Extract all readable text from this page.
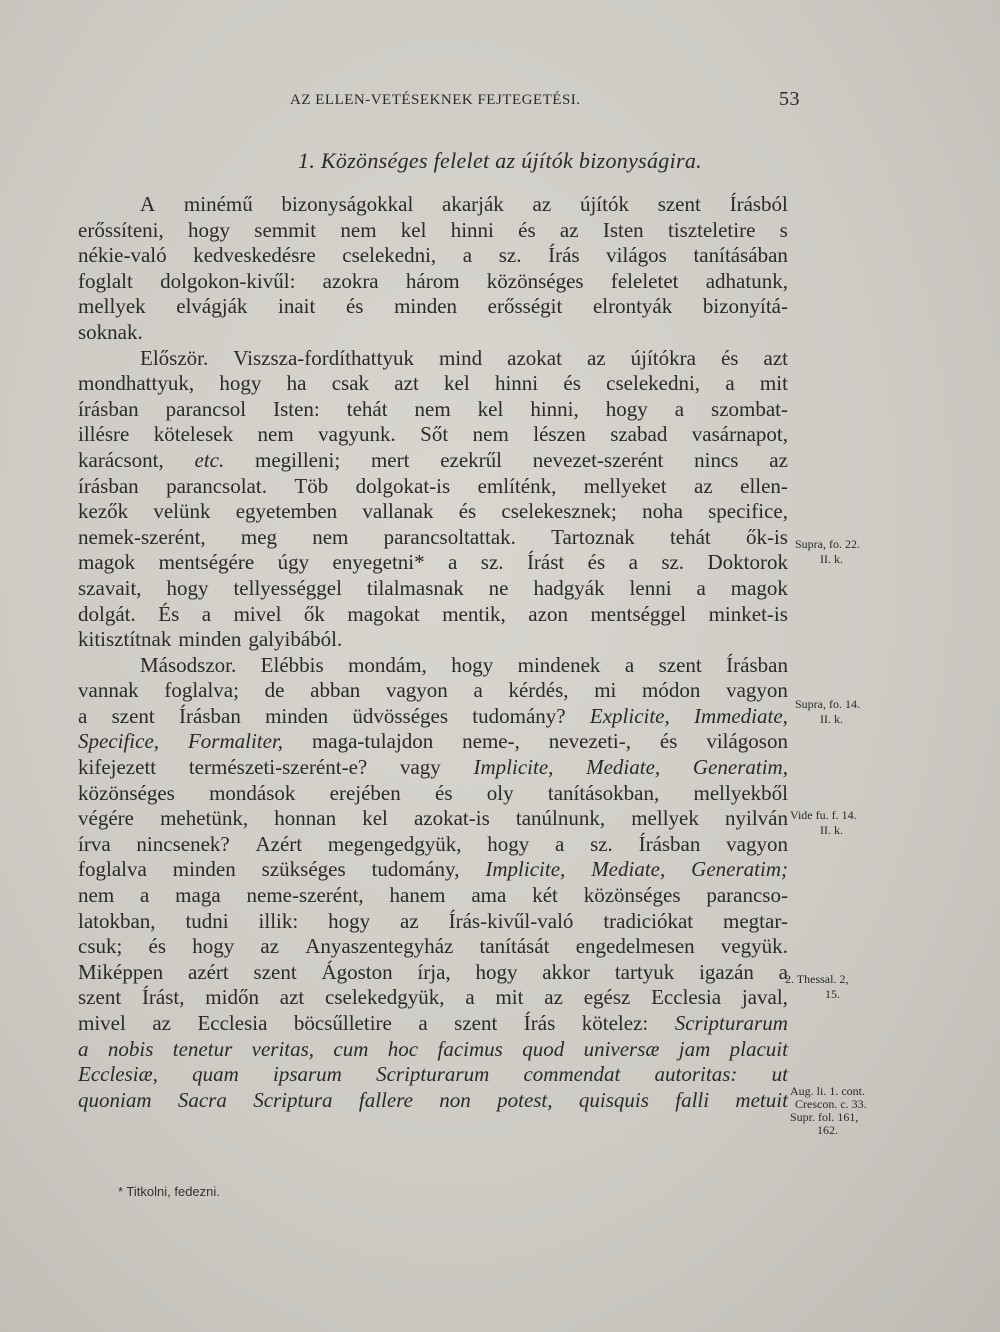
AZ ELLEN-VETÉSEKNEK FEJTEGETÉSI.	53
1. Közönséges felelet az újítók bizonyságira.
A minémű bizonyságokkal akarják az újítók szent Írásból
erőssíteni, hogy semmit nem kel hinni és az Isten tiszteletire s
nékie-való kedveskedésre cselekedni, a sz. Írás világos tanításában
foglalt dolgokon-kivűl: azokra három közönséges feleletet adhatunk,
mellyek elvágják inait és minden erősségit elrontyák bizonyítá-
soknak.
Először. Viszsza-fordíthattyuk mind azokat az újítókra és azt
mondhattyuk, hogy ha csak azt kel hinni és cselekedni, a mit
írásban parancsol Isten: tehát nem kel hinni, hogy a szombat-
illésre kötelesek nem vagyunk. Sőt nem lészen szabad vasárnapot,
karácsont, etc. megilleni; mert ezekrűl nevezet-szerént nincs az
írásban parancsolat. Töb dolgokat-is említénk, mellyeket az ellen-
kezők velünk egyetemben vallanak és cselekesznek; noha specifice,
nemek-szerént, meg nem parancsoltattak. Tartoznak tehát ők-is
magok mentségére úgy enyegetni* a sz. Írást és a sz. Doktorok
szavait, hogy tellyességgel tilalmasnak ne hadgyák lenni a magok
dolgát. És a mivel ők magokat mentik, azon mentséggel minket-is
kitisztítnak minden galyibából.
Másodszor. Elébbis mondám, hogy mindenek a szent Írásban
vannak foglalva; de abban vagyon a kérdés, mi módon vagyon
a szent Írásban minden üdvösséges tudomány? Explicite, Immediate,
Specifice, Formaliter, maga-tulajdon neme-, nevezeti-, és világoson
kifejezett természeti-szerént-e? vagy Implicite, Mediate, Generatim,
közönséges mondások erejében és oly tanításokban, mellyekből
végére mehetünk, honnan kel azokat-is tanúlnunk, mellyek nyilván
írva nincsenek? Azért megengedgyük, hogy a sz. Írásban vagyon
foglalva minden szükséges tudomány, Implicite, Mediate, Generatim;
nem a maga neme-szerént, hanem ama két közönséges parancso-
latokban, tudni illik: hogy az Írás-kivűl-való tradiciókat megtar-
csuk; és hogy az Anyaszentegyház tanítását engedelmesen vegyük.
Miképpen azért szent Ágoston írja, hogy akkor tartyuk igazán a
szent Írást, midőn azt cselekedgyük, a mit az egész Ecclesia javal,
mivel az Ecclesia böcsűlletire a szent Írás kötelez: Scripturarum
a nobis tenetur veritas, cum hoc facimus quod universæ jam placuit
Ecclesiæ, quam ipsarum Scripturarum commendat autoritas: ut
quoniam Sacra Scriptura fallere non potest, quisquis falli metuit
Supra, fo. 22.
II. k.
Supra, fo. 14.
II. k.
Vide fu. f. 14.
II. k.
2. Thessal. 2,
15.
Aug. li. 1. cont.
Crescon. c. 33.
Supr. fol. 161,
162.
* Titkolni, fedezni.
